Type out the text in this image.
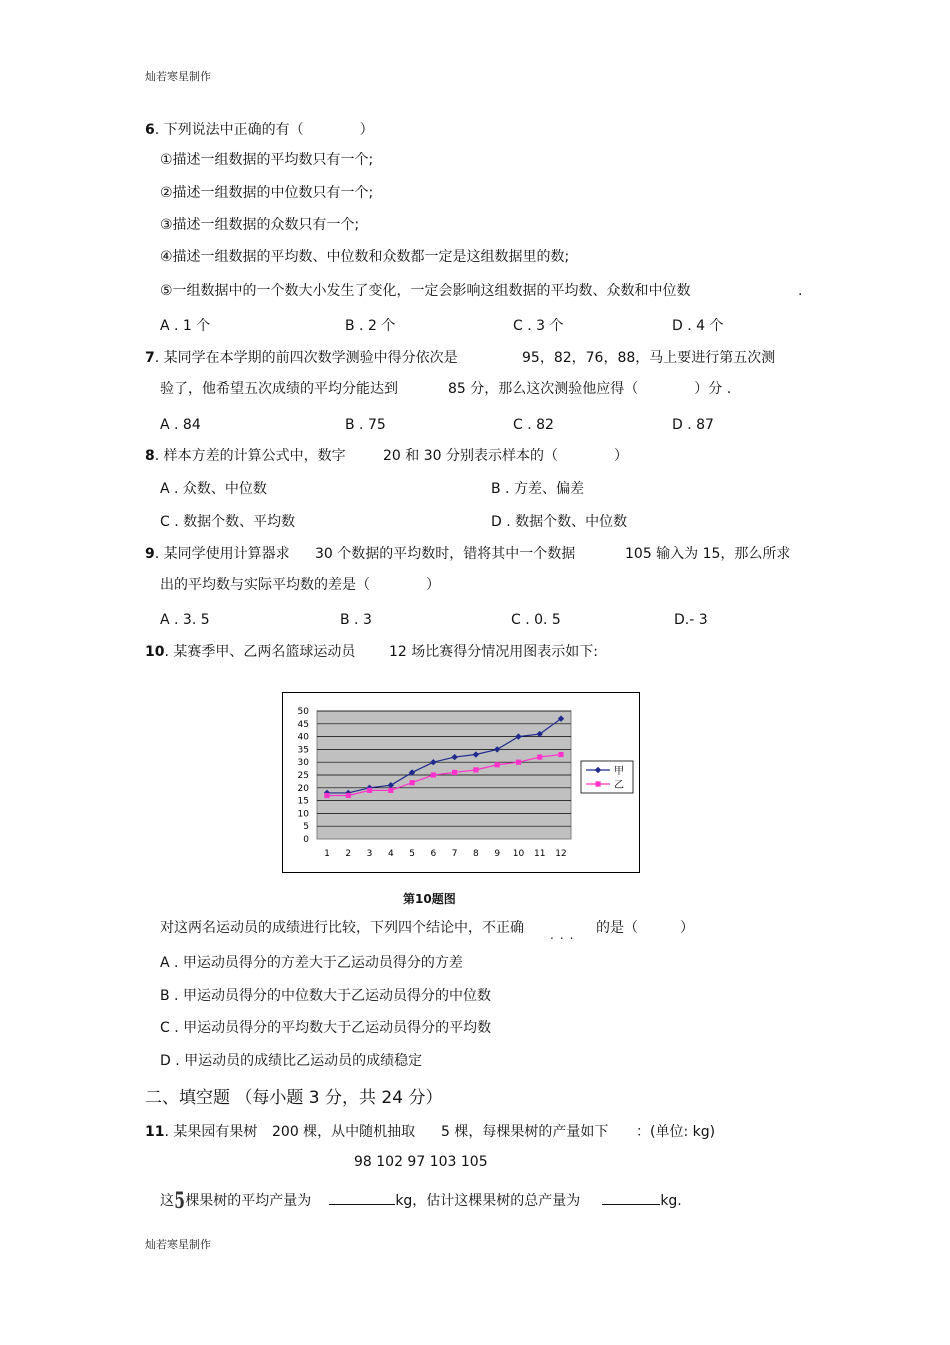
灿若寒星制作
灿若寒星制作
6. 下列说法中正确的有（　　　　）
①描述一组数据的平均数只有一个;
②描述一组数据的中位数只有一个;
③描述一组数据的众数只有一个;
④描述一组数据的平均数、中位数和众数都一定是这组数据里的数;
⑤一组数据中的一个数大小发生了变化，一定会影响这组数据的平均数、众数和中位数	.
A . 1 个	B . 2 个	C . 3 个	D . 4 个
7. 某同学在本学期的前四次数学测验中得分依次是	95，82，76，88，马上要进行第五次测
验了，他希望五次成绩的平均分能达到	85 分，那么这次测验他应得（　　　　）分 .
A . 84	B . 75	C . 82	D . 87
8. 样本方差的计算公式中，数字	20 和 30 分别表示样本的（　　　　）
A . 众数、中位数	B . 方差、偏差
C . 数据个数、平均数	D . 数据个数、中位数
9. 某同学使用计算器求 30 个数据的平均数时，错将其中一个数据	105 输入为 15，那么所求
出的平均数与实际平均数的差是（　　　　）
A . 3. 5	B . 3	C . 0. 5	D.- 3
10. 某赛季甲、乙两名篮球运动员 12 场比赛得分情况用图表示如下:
0
5
10
15
20
25
30
35
40
45
50
1 2 3 4 5 6 7 8 9 10 11 12
甲
乙
第10题图
对这两名运动员的成绩进行比较，下列四个结论中，不正确 ... 的是（　　　）
A . 甲运动员得分的方差大于乙运动员得分的方差
B . 甲运动员得分的中位数大于乙运动员得分的中位数
C . 甲运动员得分的平均数大于乙运动员得分的平均数
D . 甲运动员的成绩比乙运动员的成绩稳定
二、填空题 （每小题 3 分，共 24 分）
11. 某果园有果树 200 棵，从中随机抽取 5 棵，每棵果树的产量如下 ：(单位: kg)
98 102 97 103 105
这5棵果树的平均产量为	kg，估计这棵果树的总产量为	kg.
